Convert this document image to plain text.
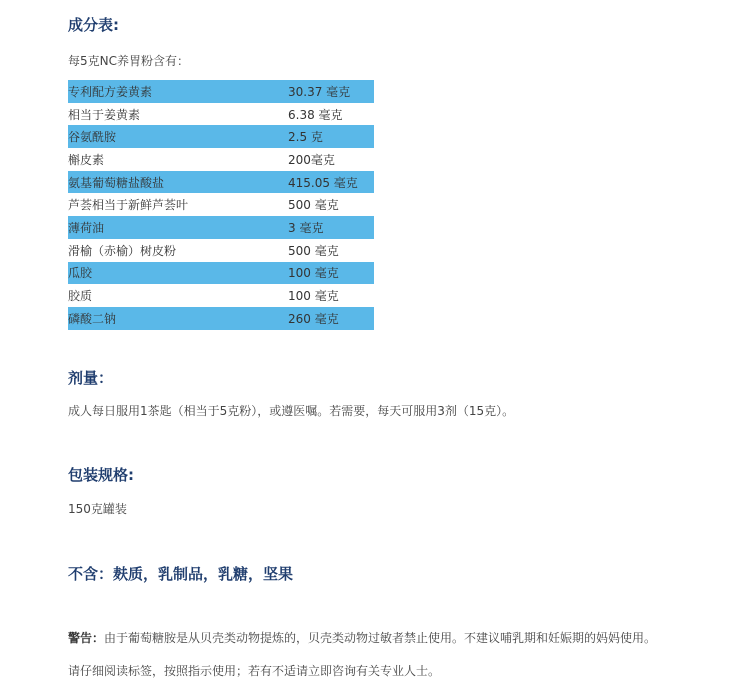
成分表:
每5克NC养胃粉含有：
专利配方姜黄素	30.37 毫克
相当于姜黄素	6.38 毫克
谷氨酰胺	2.5 克
槲皮素	200毫克
氨基葡萄糖盐酸盐	415.05 毫克
芦荟相当于新鲜芦荟叶	500 毫克
薄荷油	3 毫克
滑榆（赤榆）树皮粉	500 毫克
瓜胶	100 毫克
胶质	100 毫克
磷酸二钠	260 毫克
剂量：
成人每日服用1茶匙（相当于5克粉），或遵医嘱。若需要，每天可服用3剂（15克）。
包装规格:
150克罐装
不含：麸质，乳制品，乳糖，坚果
警告：由于葡萄糖胺是从贝壳类动物提炼的，贝壳类动物过敏者禁止使用。不建议哺乳期和妊娠期的妈妈使用。
请仔细阅读标签，按照指示使用；若有不适请立即咨询有关专业人士。
